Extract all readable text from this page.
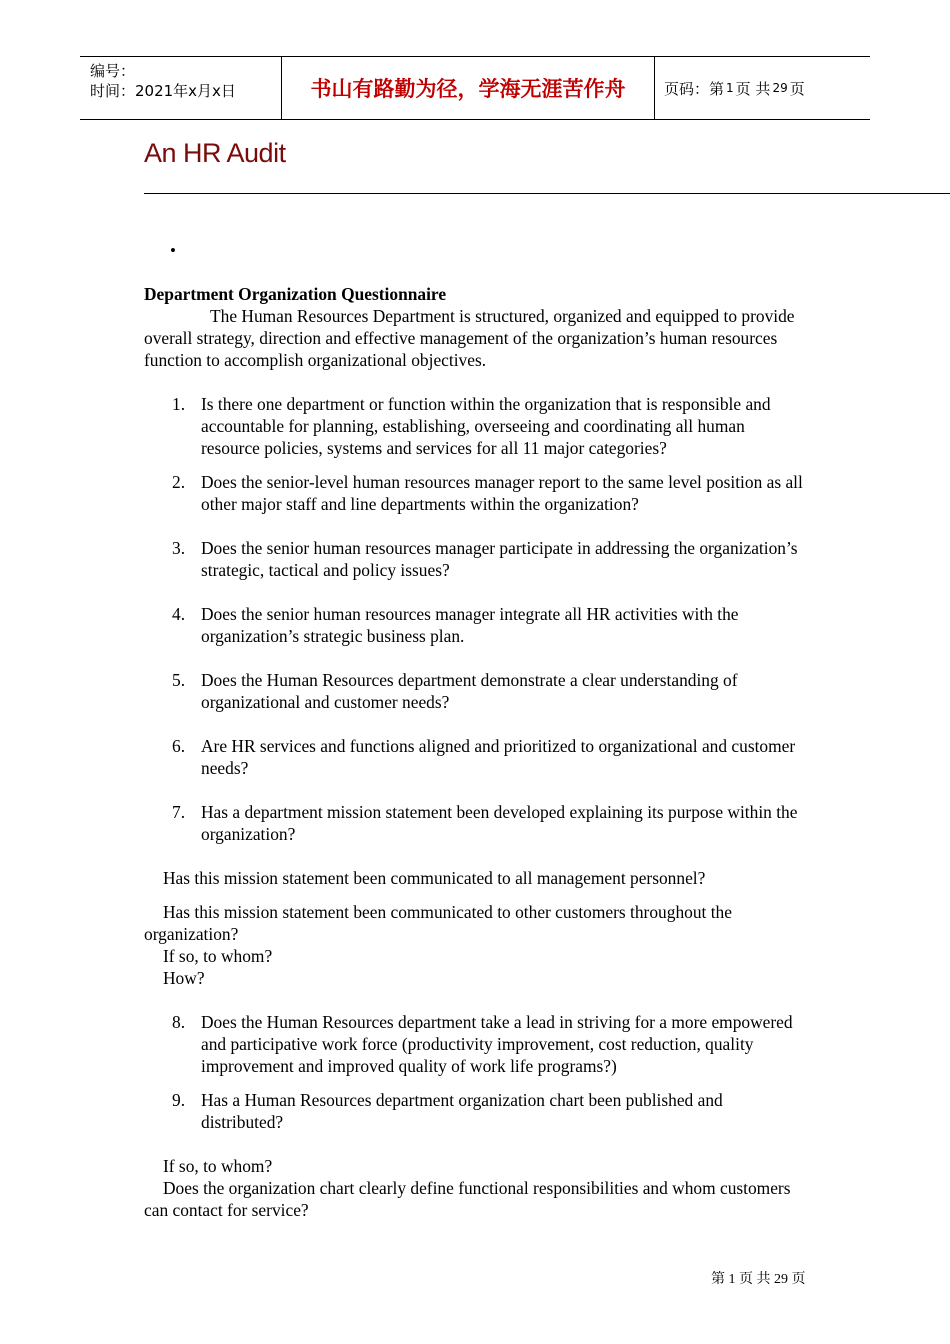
编号：
时间：2021年x月x日	书山有路勤为径，学海无涯苦作舟	页码：第 1 页 共 29 页
An HR Audit
•

Department Organization Questionnaire

The Human Resources Department is structured, organized and equipped to provide overall strategy, direction and effective management of the organization’s human resources function to accomplish organizational objectives.

1. Is there one department or function within the organization that is responsible and accountable for planning, establishing, overseeing and coordinating all human resource policies, systems and services for all 11 major categories?
2. Does the senior-level human resources manager report to the same level position as all other major staff and line departments within the organization?
3. Does the senior human resources manager participate in addressing the organization’s strategic, tactical and policy issues?
4. Does the senior human resources manager integrate all HR activities with the organization’s strategic business plan.
5. Does the Human Resources department demonstrate a clear understanding of organizational and customer needs?
6. Are HR services and functions aligned and prioritized to organizational and customer needs?
7. Has a department mission statement been developed explaining its purpose within the organization?

Has this mission statement been communicated to all management personnel?

Has this mission statement been communicated to other customers throughout the organization?

If so, to whom?

How?

8. Does the Human Resources department take a lead in striving for a more empowered and participative work force (productivity improvement, cost reduction, quality improvement and improved quality of work life programs?)
9. Has a Human Resources department organization chart been published and distributed?

If so, to whom?

Does the organization chart clearly define functional responsibilities and whom customers can contact for service?

第 1 页 共 29 页
